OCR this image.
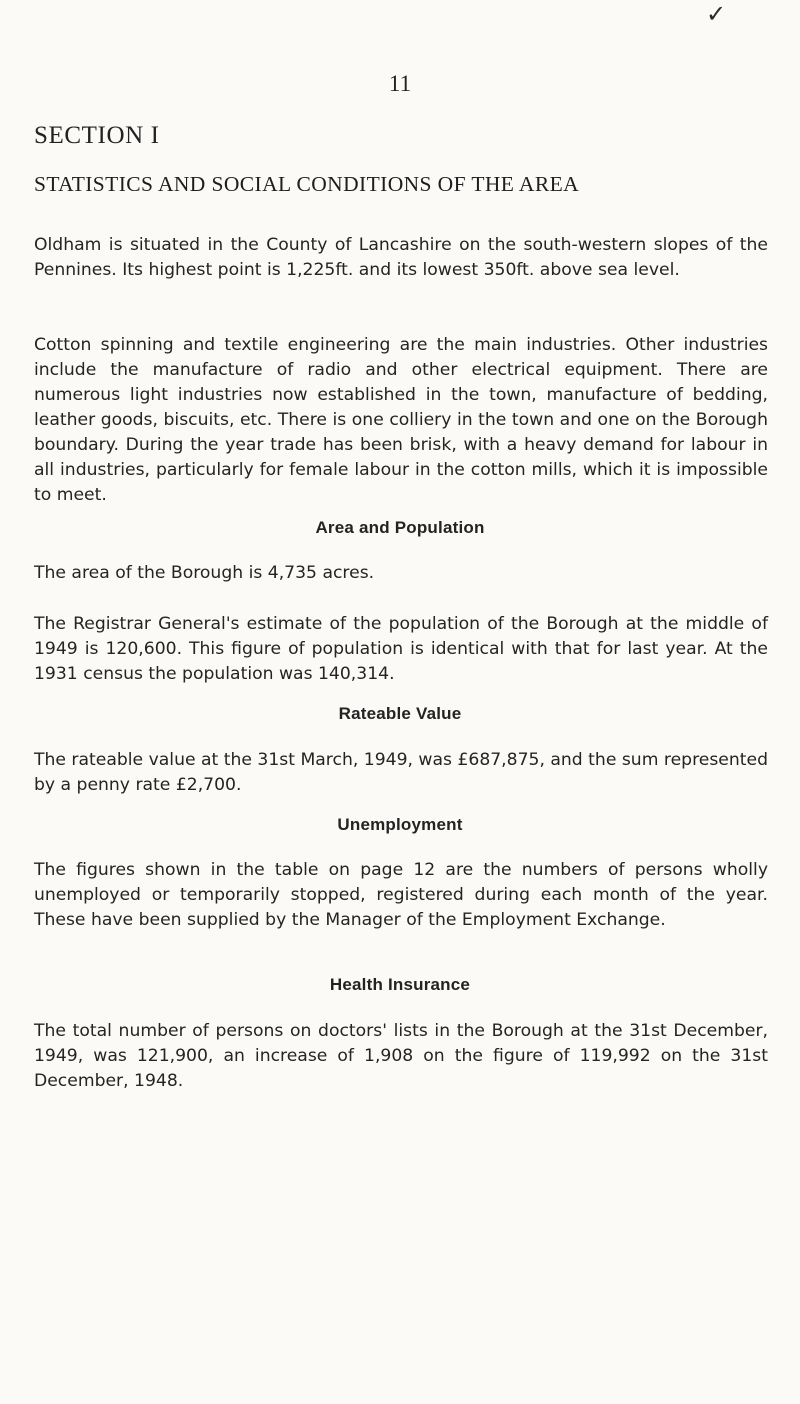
✓
11
SECTION I
STATISTICS AND SOCIAL CONDITIONS OF THE AREA

Oldham is situated in the County of Lancashire on the south-western slopes of the Pennines. Its highest point is 1,225ft. and its lowest 350ft. above sea level.

Cotton spinning and textile engineering are the main industries. Other industries include the manufacture of radio and other electrical equipment. There are numerous light industries now established in the town, manufacture of bedding, leather goods, biscuits, etc. There is one colliery in the town and one on the Borough boundary. During the year trade has been brisk, with a heavy demand for labour in all industries, particularly for female labour in the cotton mills, which it is impossible to meet.

Area and Population

The area of the Borough is 4,735 acres.

The Registrar General's estimate of the population of the Borough at the middle of 1949 is 120,600. This figure of population is identical with that for last year. At the 1931 census the population was 140,314.

Rateable Value

The rateable value at the 31st March, 1949, was £687,875, and the sum represented by a penny rate £2,700.

Unemployment

The figures shown in the table on page 12 are the numbers of persons wholly unemployed or temporarily stopped, registered during each month of the year. These have been supplied by the Manager of the Employment Exchange.

Health Insurance

The total number of persons on doctors' lists in the Borough at the 31st December, 1949, was 121,900, an increase of 1,908 on the figure of 119,992 on the 31st December, 1948.
